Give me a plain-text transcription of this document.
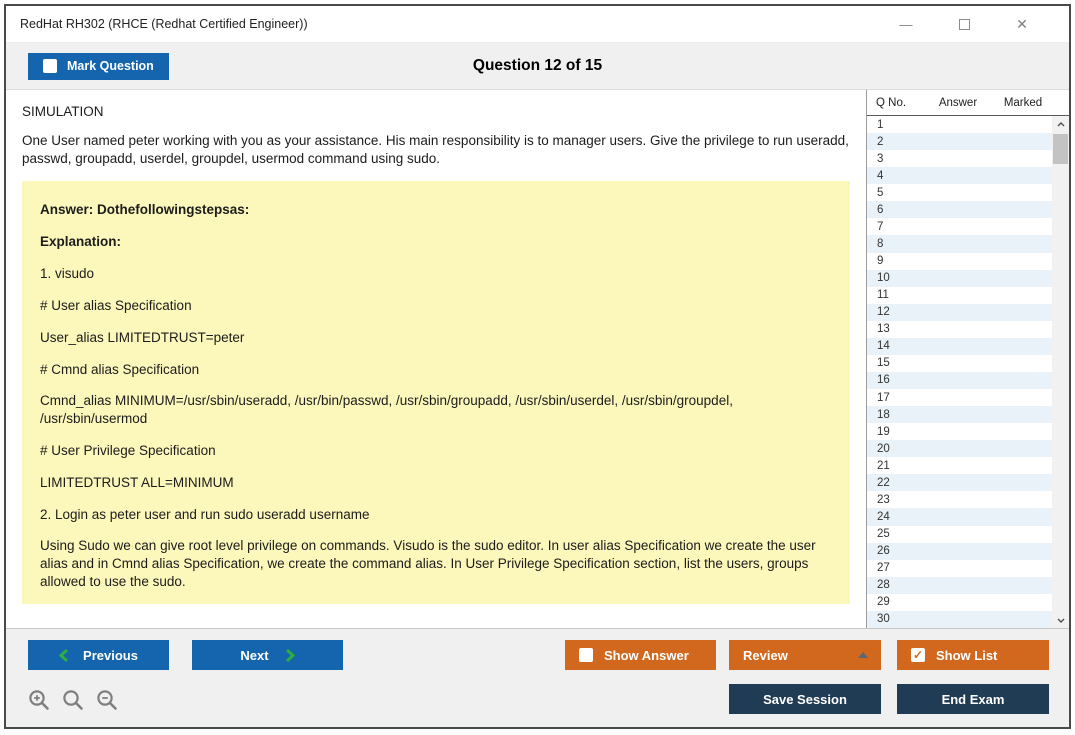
RedHat RH302 (RHCE (Redhat Certified Engineer))	—	✕
Question 12 of 15
Mark Question
SIMULATION
One User named peter working with you as your assistance. His main responsibility is to manager users. Give the privilege to run useradd, passwd, groupadd, userdel, groupdel, usermod command using sudo.

Answer: Dothefollowingstepsas:

Explanation:

1. visudo

# User alias Specification

User_alias LIMITEDTRUST=peter

# Cmnd alias Specification

Cmnd_alias MINIMUM=/usr/sbin/useradd, /usr/bin/passwd, /usr/sbin/groupadd, /usr/sbin/userdel, /usr/sbin/groupdel, /usr/sbin/usermod

# User Privilege Specification

LIMITEDTRUST ALL=MINIMUM

2. Login as peter user and run sudo useradd username

Using Sudo we can give root level privilege on commands. Visudo is the sudo editor. In user alias Specification we create the user alias and in Cmnd alias Specification, we create the command alias. In User Privilege Specification section, list the users, groups allowed to use the sudo.

Q No.	Answer	Marked
1
2
3
4
5
6
7
8
9
10
11
12
13
14
15
16
17
18
19
20
21
22
23
24
25
26
27
28
29
30
Previous	Next	Show Answer	Review	✓ Show List
Save Session	End Exam
